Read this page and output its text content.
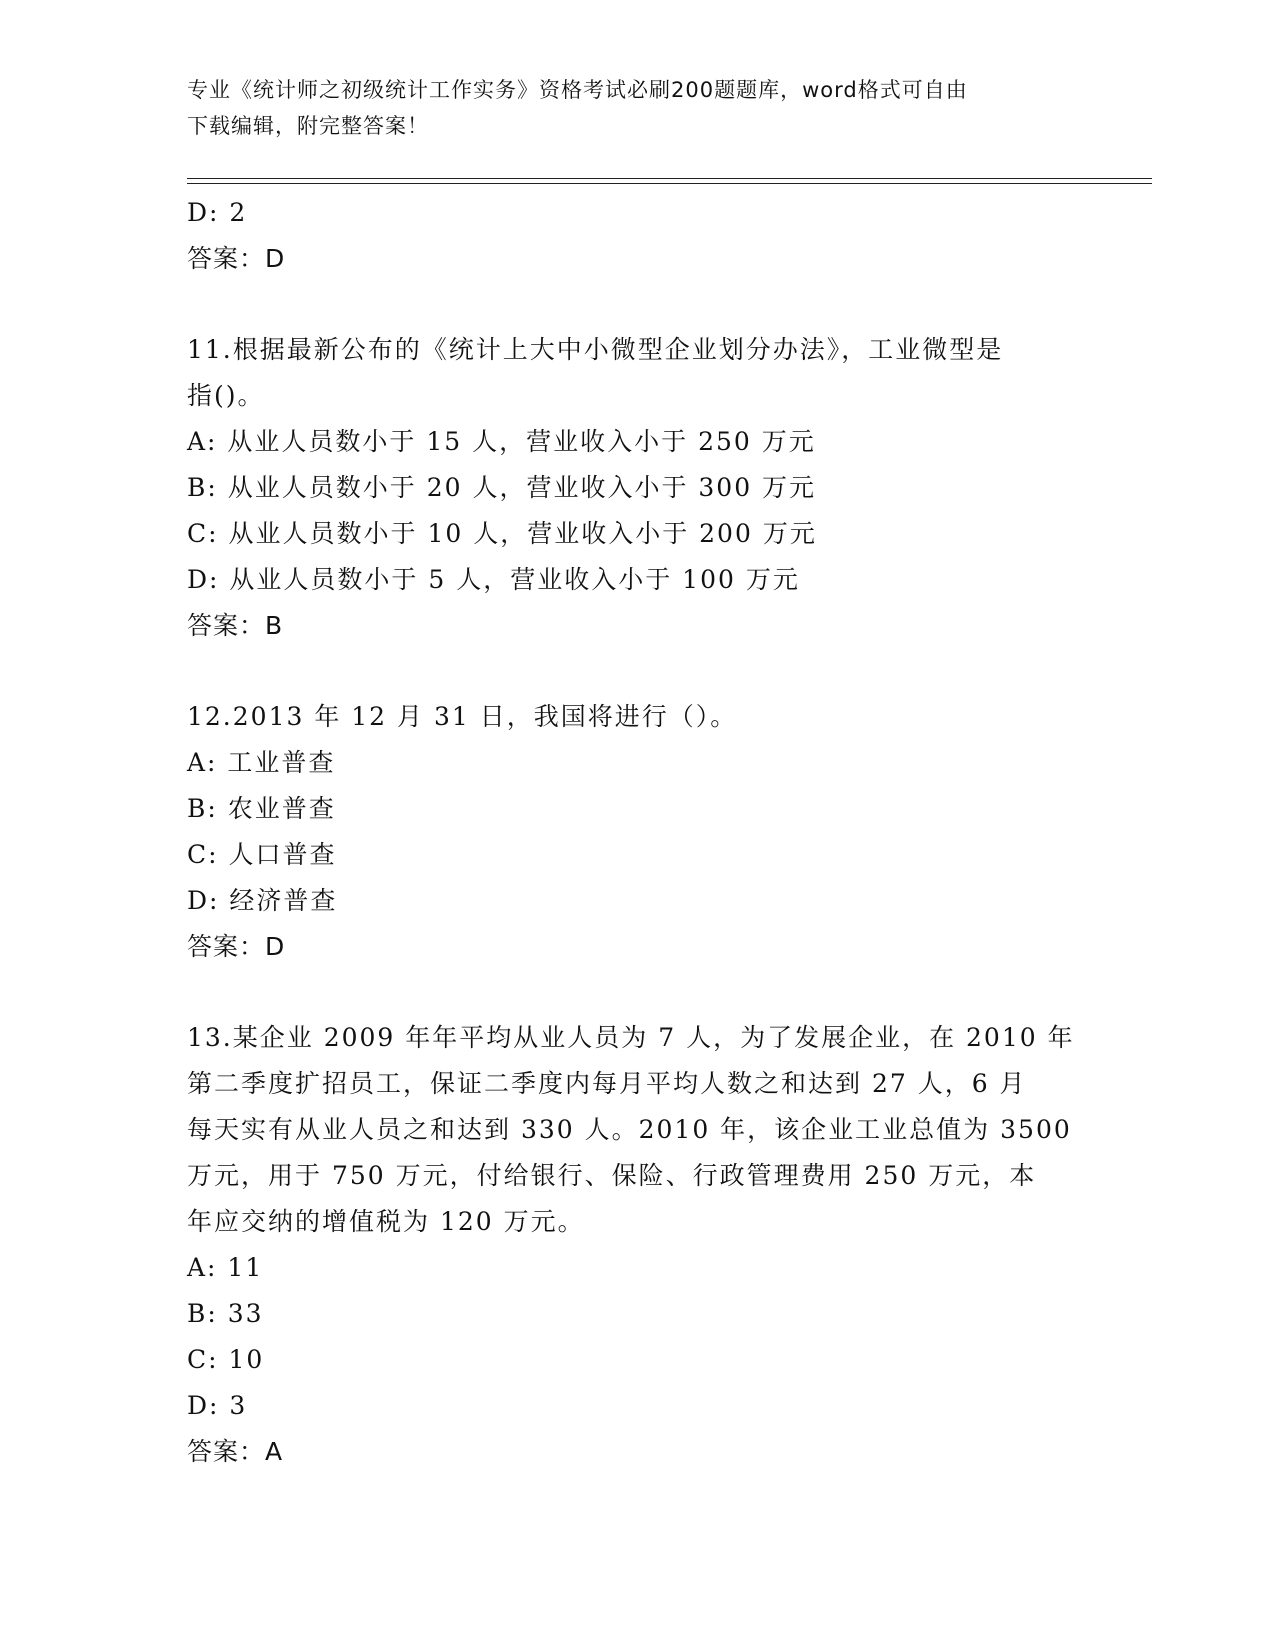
专业《统计师之初级统计工作实务》资格考试必刷200题题库，word格式可自由
下载编辑，附完整答案！
D: 2
答案：D
11.根据最新公布的《统计上大中小微型企业划分办法》，工业微型是
指()。
A: 从业人员数小于 15 人，营业收入小于 250 万元
B: 从业人员数小于 20 人，营业收入小于 300 万元
C: 从业人员数小于 10 人，营业收入小于 200 万元
D: 从业人员数小于 5 人，营业收入小于 100 万元
答案：B
12.2013 年 12 月 31 日，我国将进行（）。
A: 工业普查
B: 农业普查
C: 人口普查
D: 经济普查
答案：D
13.某企业 2009 年年平均从业人员为 7 人，为了发展企业，在 2010 年
第二季度扩招员工，保证二季度内每月平均人数之和达到 27 人，6 月
每天实有从业人员之和达到 330 人。2010 年，该企业工业总值为 3500
万元，用于 750 万元，付给银行、保险、行政管理费用 250 万元，本
年应交纳的增值税为 120 万元。
A: 11
B: 33
C: 10
D: 3
答案：A
